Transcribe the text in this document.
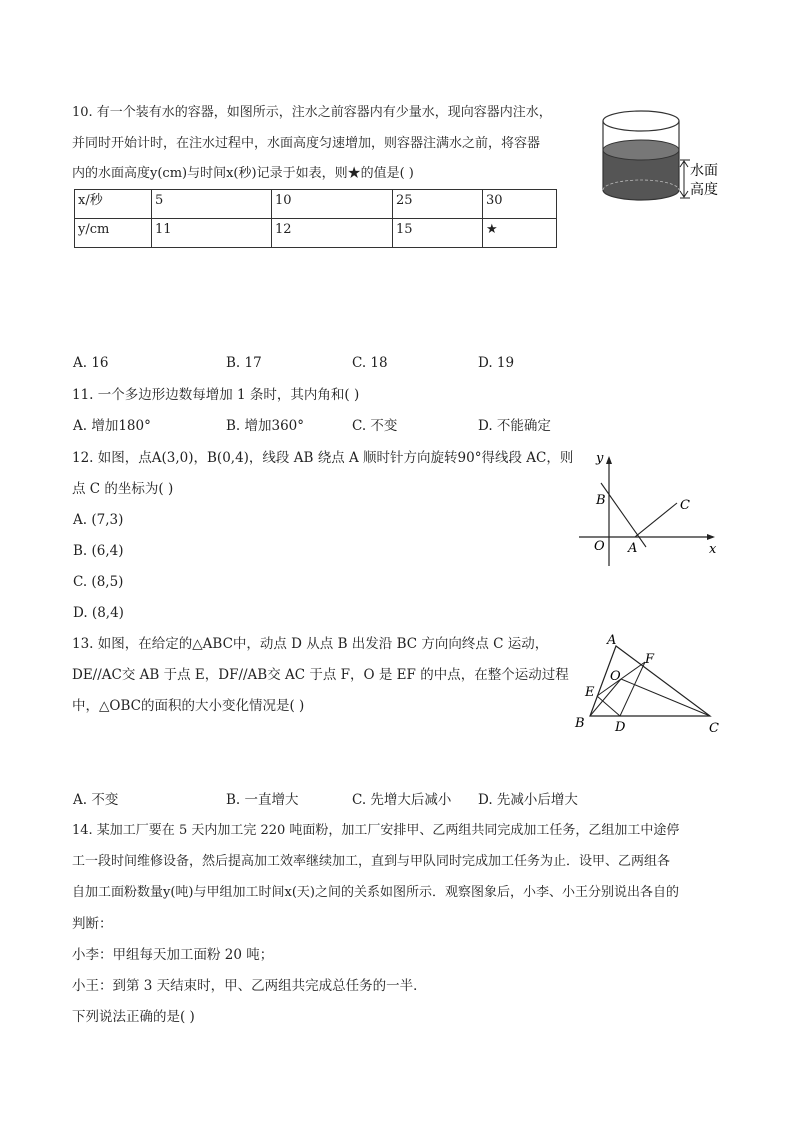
10. 有一个装有水的容器，如图所示，注水之前容器内有少量水，现向容器内注水，
并同时开始计时，在注水过程中，水面高度匀速增加，则容器注满水之前，将容器
内的水面高度y(cm)与时间x(秒)记录于如表，则★的值是( )
x/秒	5	10	25	30
y/cm	11	12	15	★
水面
高度
A. 16	B. 17	C. 18	D. 19
11. 一个多边形边数每增加 1 条时，其内角和( )
A. 增加180°	B. 增加360°	C. 不变	D. 不能确定
12. 如图，点A(3,0)，B(0,4)，线段 AB 绕点 A 顺时针方向旋转90°得线段 AC，则
点 C 的坐标为( )
A. (7,3)
B. (6,4)
C. (8,5)
D. (8,4)
y
x
O A
B	C
13. 如图，在给定的△ABC中，动点 D 从点 B 出发沿 BC 方向向终点 C 运动，
DE//AC交 AB 于点 E，DF//AB交 AC 于点 F，O 是 EF 的中点，在整个运动过程
中，△OBC的面积的大小变化情况是( )
A
B	C
D
E
F
O
A. 不变	B. 一直增大	C. 先增大后减小 D. 先减小后增大
14. 某加工厂要在 5 天内加工完 220 吨面粉，加工厂安排甲、乙两组共同完成加工任务，乙组加工中途停
工一段时间维修设备，然后提高加工效率继续加工，直到与甲队同时完成加工任务为止．设甲、乙两组各
自加工面粉数量y(吨)与甲组加工时间x(天)之间的关系如图所示．观察图象后，小李、小王分别说出各自的
判断：
小李：甲组每天加工面粉 20 吨；
小王：到第 3 天结束时，甲、乙两组共完成总任务的一半．
下列说法正确的是( )
